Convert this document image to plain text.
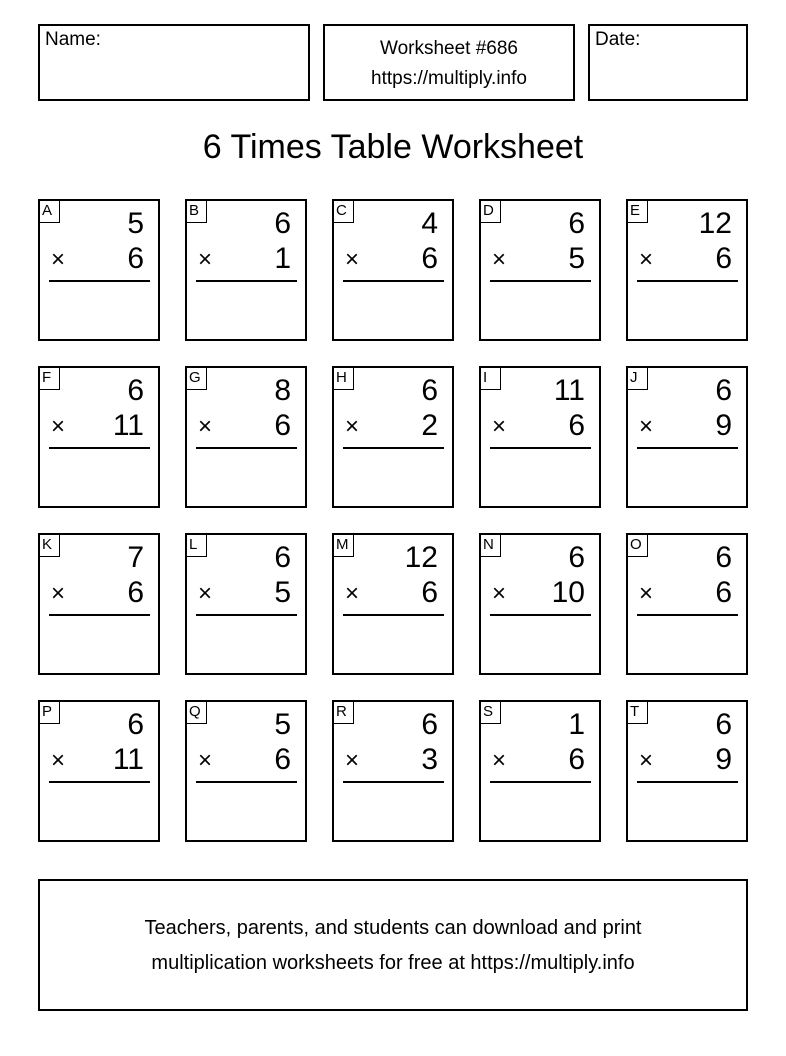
Name:	Worksheet #686
https://multiply.info
Date:
6 Times Table Worksheet
A	5
× 6
B	6
× 1
C 4
× 6
D 6
× 5
E 12
× 6
F	6
× 11
G 8
× 6
H 6
× 2
I	11
× 6
J	6
× 9
K	7
× 6
L	6
× 5
M 12
× 6
N 6
× 10
O 6
× 6
P	6
× 11
Q 5
× 6
R 6
× 3
S	1
× 6
T	6
× 9
Teachers, parents, and students can download and print
multiplication worksheets for free at https://multiply.info
